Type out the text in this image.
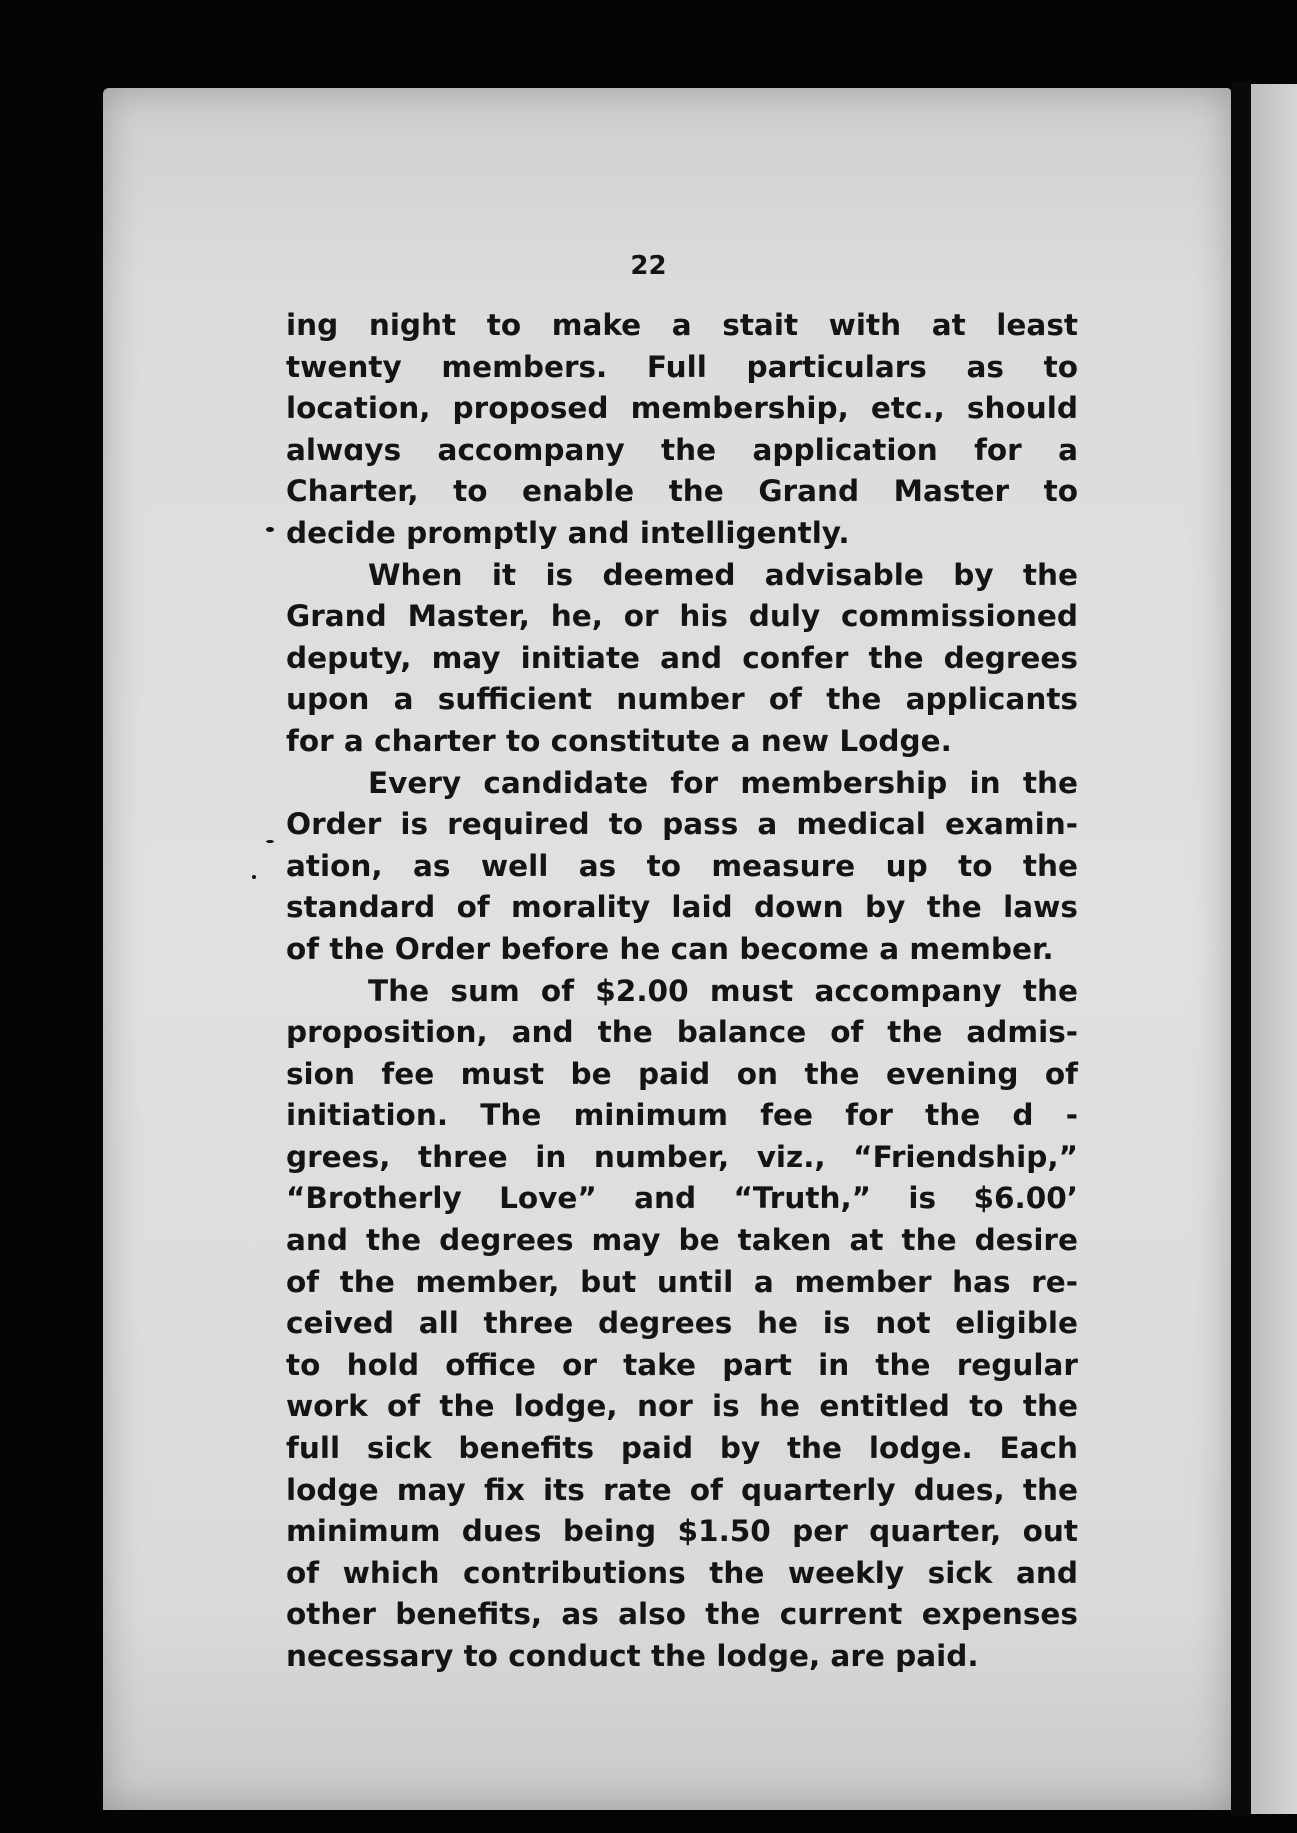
22
ing night to make a stait with at least
twenty members. Full particulars as to
location, proposed membership, etc., should
alwɑys accompany the application for a
Charter, to enable the Grand Master to
decide promptly and intelligently.
When it is deemed advisable by the
Grand Master, he, or his duly commissioned
deputy, may initiate and confer the degrees
upon a sufficient number of the applicants
for a charter to constitute a new Lodge.
Every candidate for membership in the
Order is required to pass a medical examin-
ation, as well as to measure up to the
standard of morality laid down by the laws
of the Order before he can become a member.
The sum of $2.00 must accompany the
proposition, and the balance of the admis-
sion fee must be paid on the evening of
initiation. The minimum fee for the d -
grees, three in number, viz., “Friendship,”
“Brotherly Love” and “Truth,” is $6.00’
and the degrees may be taken at the desire
of the member, but until a member has re-
ceived all three degrees he is not eligible
to hold office or take part in the regular
work of the lodge, nor is he entitled to the
full sick benefits paid by the lodge. Each
lodge may fix its rate of quarterly dues, the
minimum dues being $1.50 per quarter, out
of which contributions the weekly sick and
other benefits, as also the current expenses
necessary to conduct the lodge, are paid.
